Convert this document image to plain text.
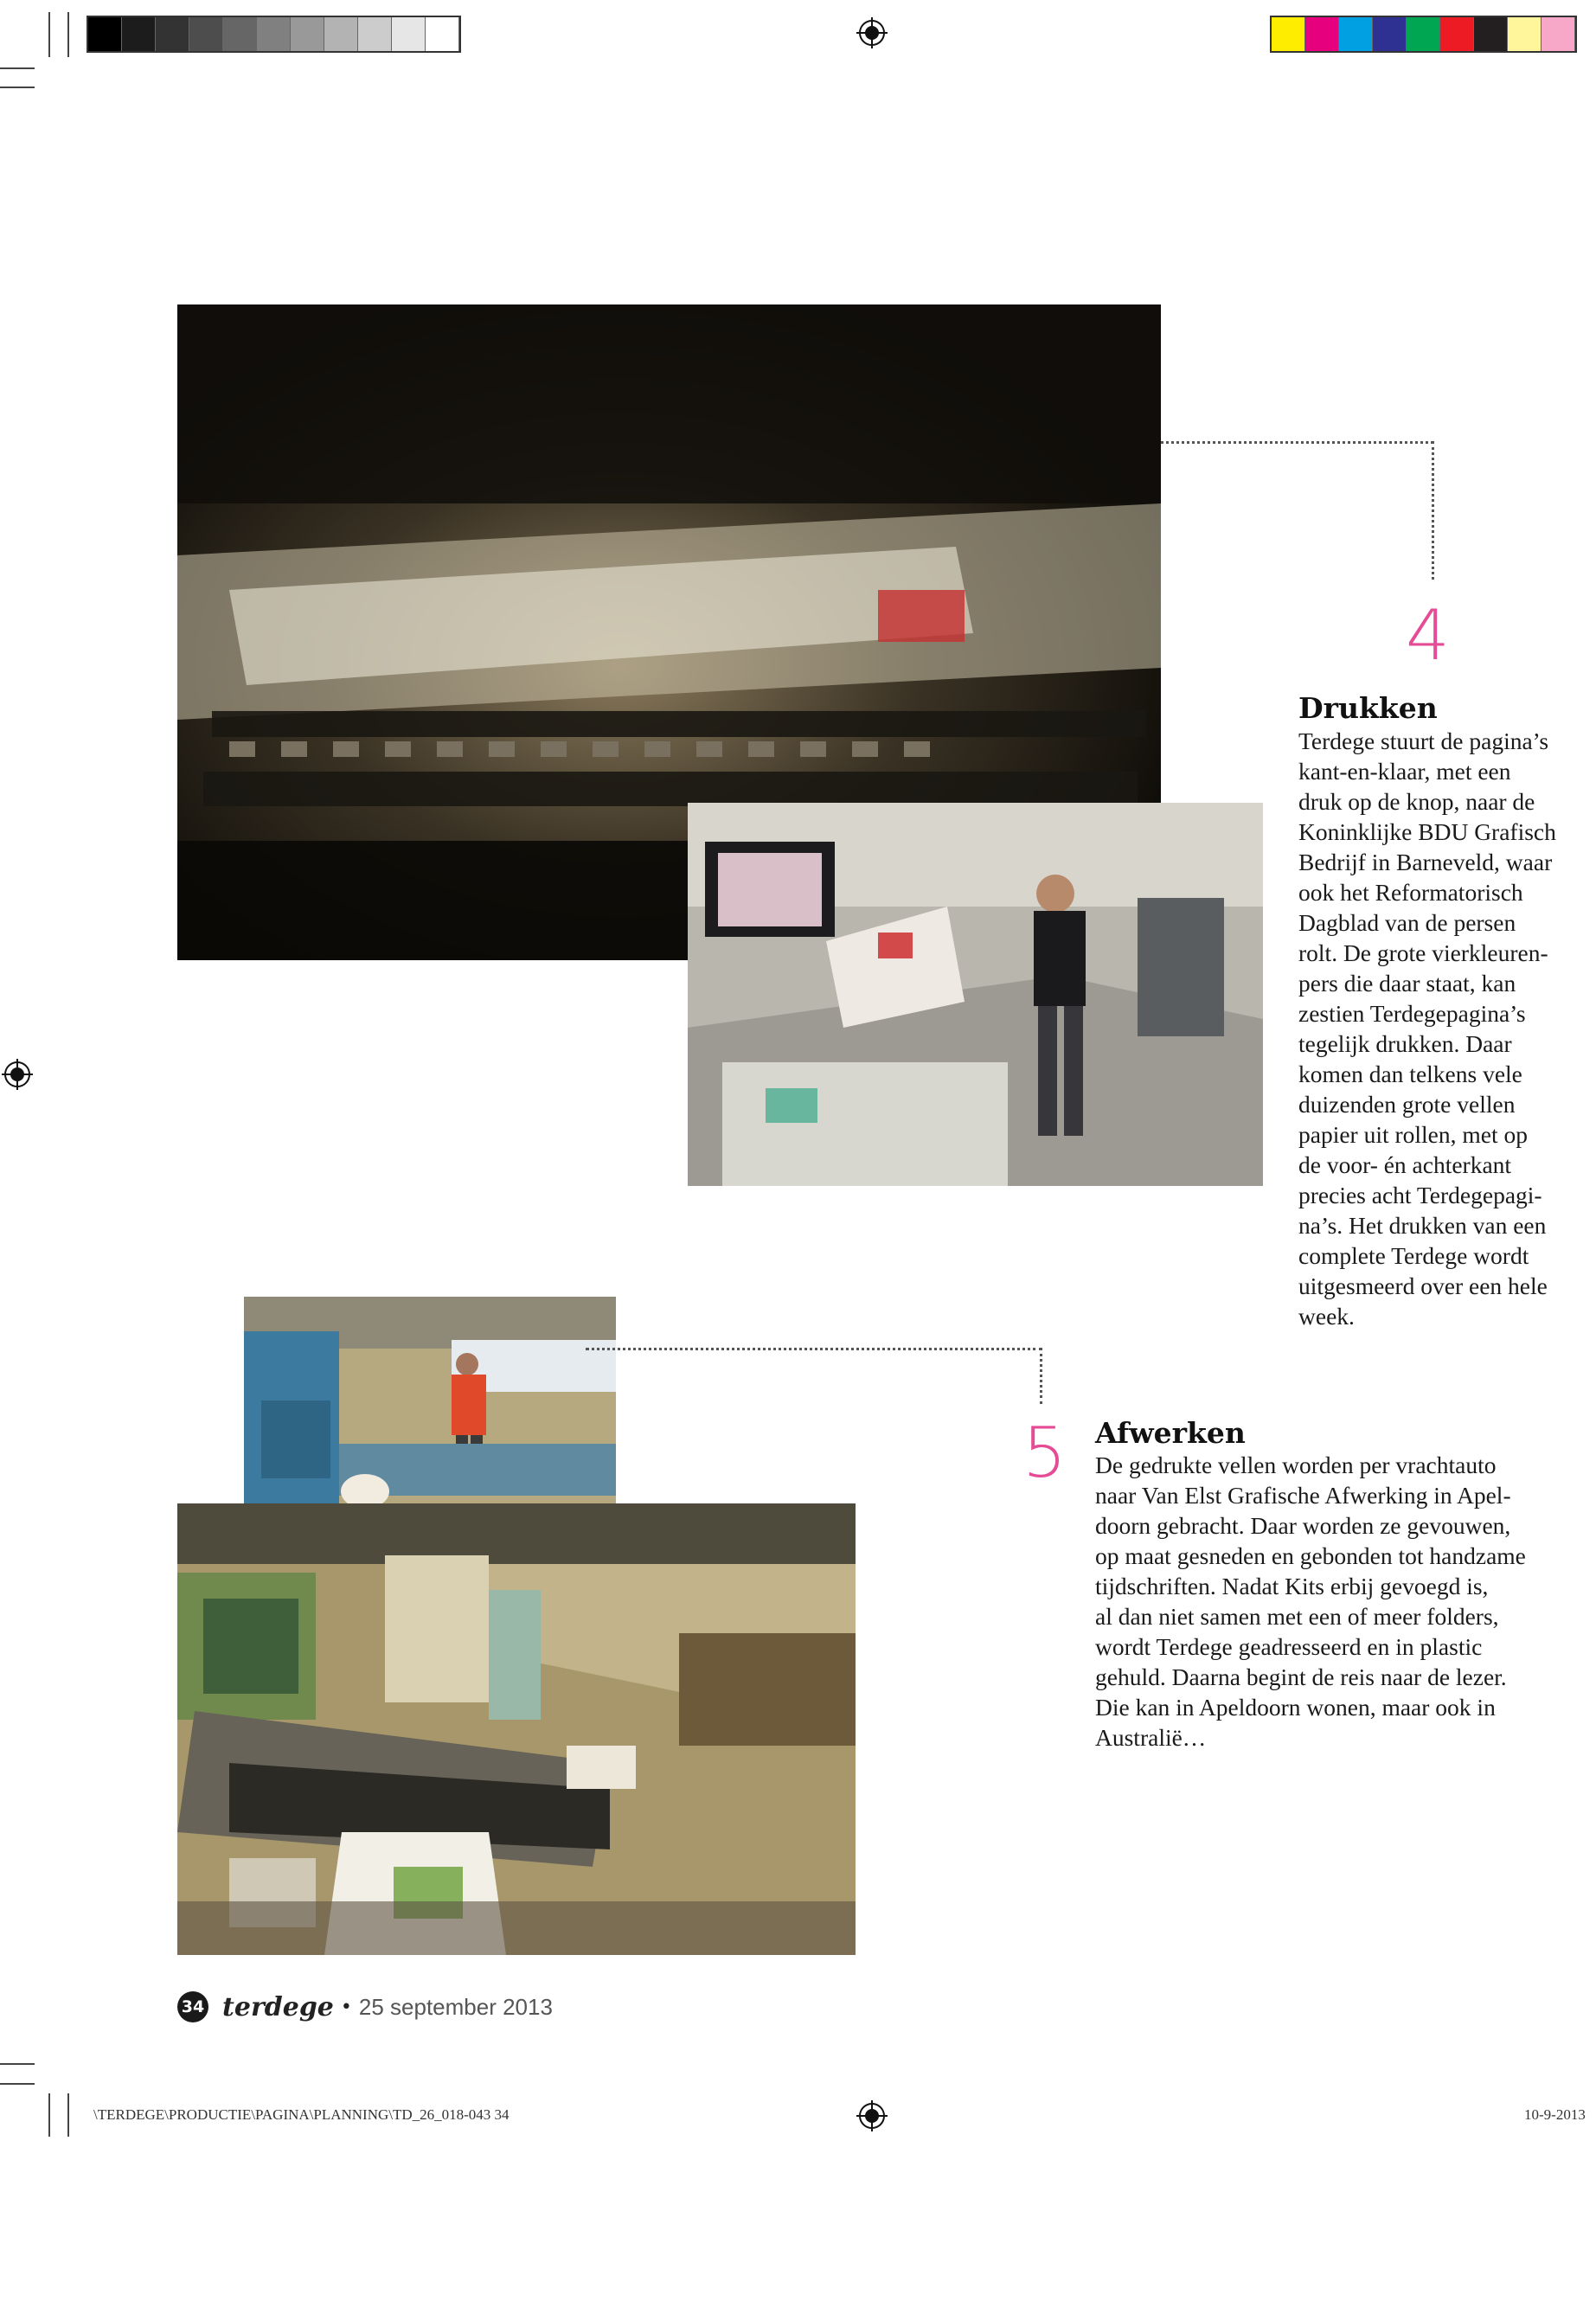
4
Drukken
Terdege stuurt de pagina’s
kant-en-klaar, met een
druk op de knop, naar de
Koninklijke BDU Grafisch
Bedrijf in Barneveld, waar
ook het Reformatorisch
Dagblad van de persen
rolt. De grote vierkleuren-
pers die daar staat, kan
zestien Terdegepagina’s
tegelijk drukken. Daar
komen dan telkens vele
duizenden grote vellen
papier uit rollen, met op
de voor- én achterkant
precies acht Terdegepagi-
na’s. Het drukken van een
complete Terdege wordt
uitgesmeerd over een hele
week.
5 Afwerken
De gedrukte vellen worden per vrachtauto
naar Van Elst Grafische Afwerking in Apel-
doorn gebracht. Daar worden ze gevouwen,
op maat gesneden en gebonden tot handzame
tijdschriften. Nadat Kits erbij gevoegd is,
al dan niet samen met een of meer folders,
wordt Terdege geadresseerd en in plastic
gehuld. Daarna begint de reis naar de lezer.
Die kan in Apeldoorn wonen, maar ook in
Australië…
34 terdege • 25 september 2013
\TERDEGE\PRODUCTIE\PAGINA\PLANNING\TD_26_018-043 34	10-9-2013
